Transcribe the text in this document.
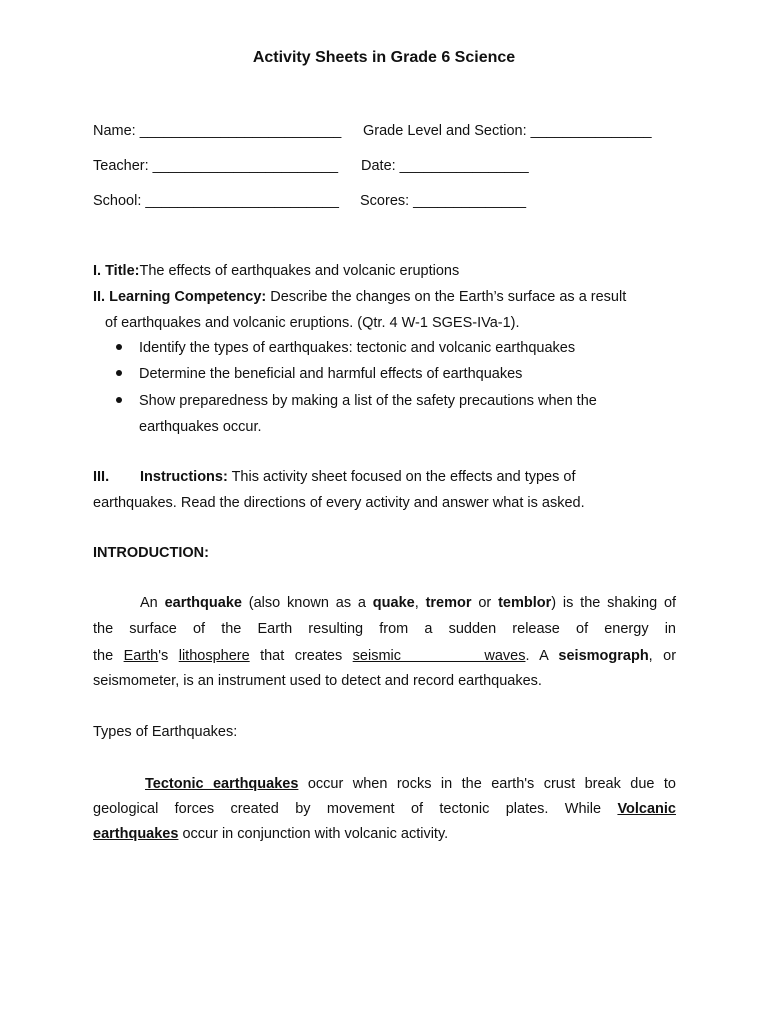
Activity Sheets in Grade 6 Science
Name: _________________________ Grade Level and Section: _______________
Teacher: _______________________ Date: ________________
School: ________________________ Scores: ______________
I. Title:The effects of earthquakes and volcanic eruptions
II. Learning Competency: Describe the changes on the Earth’s surface as a result
of earthquakes and volcanic eruptions. (Qtr. 4 W-1 SGES-IVa-1).
Identify the types of earthquakes: tectonic and volcanic earthquakes
Determine the beneficial and harmful effects of earthquakes
Show preparedness by making a list of the safety precautions when the
earthquakes occur.
III. Instructions: This activity sheet focused on the effects and types of
earthquakes. Read the directions of every activity and answer what is asked.
INTRODUCTION:
An earthquake (also known as a quake, tremor or temblor) is the shaking of
the surface of the Earth resulting from a sudden release of energy in
the Earth's lithosphere that creates seismic	waves. A seismograph, or
seismometer, is an instrument used to detect and record earthquakes.
Types of Earthquakes:
Tectonic earthquakes occur when rocks in the earth's crust break due to
geological forces created by movement of tectonic plates. While Volcanic
earthquakes occur in conjunction with volcanic activity.
